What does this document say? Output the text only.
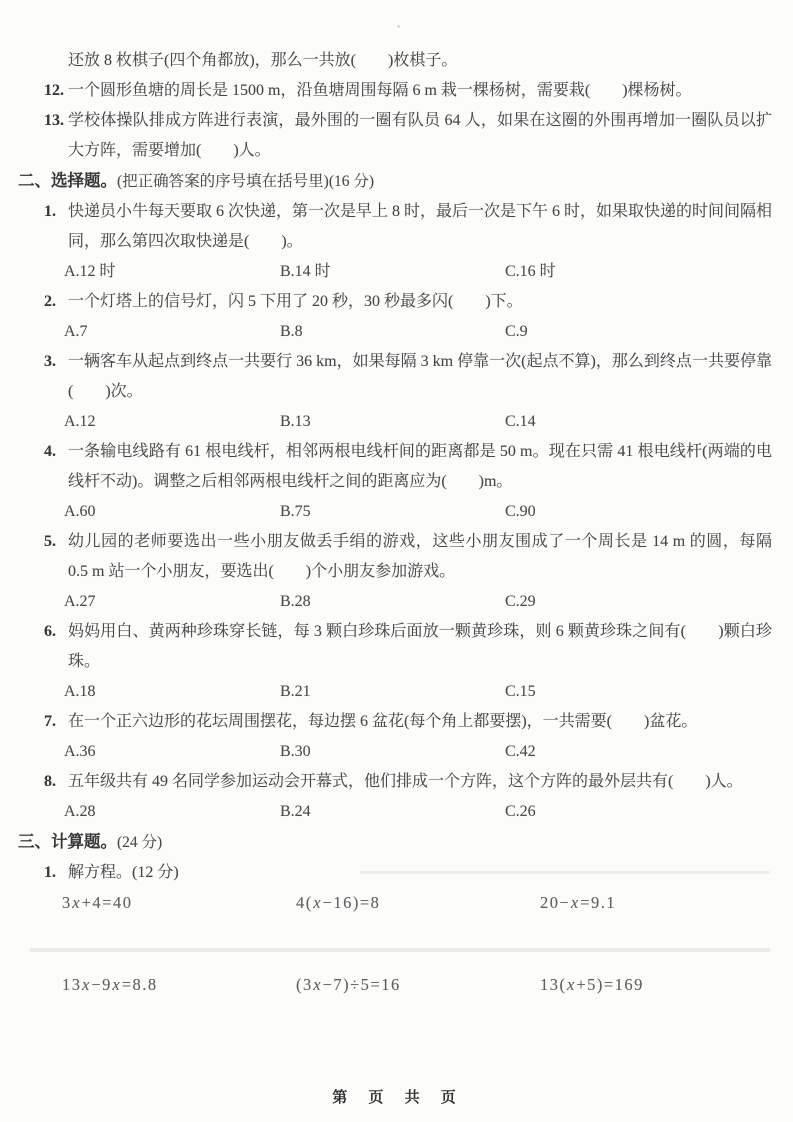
还放 8 枚棋子(四个角都放)，那么一共放(　　)枚棋子。
12. 一个圆形鱼塘的周长是 1500 m，沿鱼塘周围每隔 6 m 栽一棵杨树，需要栽(　　)棵杨树。
13. 学校体操队排成方阵进行表演，最外围的一圈有队员 64 人，如果在这圈的外围再增加一圈队员以扩大方阵，需要增加(　　)人。
二、选择题。(把正确答案的序号填在括号里)(16 分)
1. 快递员小牛每天要取 6 次快递，第一次是早上 8 时，最后一次是下午 6 时，如果取快递的时间间隔相同，那么第四次取快递是(　　)。
A.12 时	B.14 时	C.16 时
2. 一个灯塔上的信号灯，闪 5 下用了 20 秒，30 秒最多闪(　　)下。
A.7	B.8	C.9
3. 一辆客车从起点到终点一共要行 36 km，如果每隔 3 km 停靠一次(起点不算)，那么到终点一共要停靠(　　)次。
A.12	B.13	C.14
4. 一条输电线路有 61 根电线杆，相邻两根电线杆间的距离都是 50 m。现在只需 41 根电线杆(两端的电线杆不动)。调整之后相邻两根电线杆之间的距离应为(　　)m。
A.60	B.75	C.90
5. 幼儿园的老师要选出一些小朋友做丢手绢的游戏，这些小朋友围成了一个周长是 14 m 的圆，每隔 0.5 m 站一个小朋友，要选出(　　)个小朋友参加游戏。
A.27	B.28	C.29
6. 妈妈用白、黄两种珍珠穿长链，每 3 颗白珍珠后面放一颗黄珍珠，则 6 颗黄珍珠之间有(　　)颗白珍珠。
A.18	B.21	C.15
7. 在一个正六边形的花坛周围摆花，每边摆 6 盆花(每个角上都要摆)，一共需要(　　)盆花。
A.36	B.30	C.42
8. 五年级共有 49 名同学参加运动会开幕式，他们排成一个方阵，这个方阵的最外层共有(　　)人。
A.28	B.24	C.26
三、计算题。(24 分)
1. 解方程。(12 分)
3x+4=40	4(x−16)=8	20−x=9.1
13x−9x=8.8	(3x−7)÷5=16	13(x+5)=169
第 页 共 页
